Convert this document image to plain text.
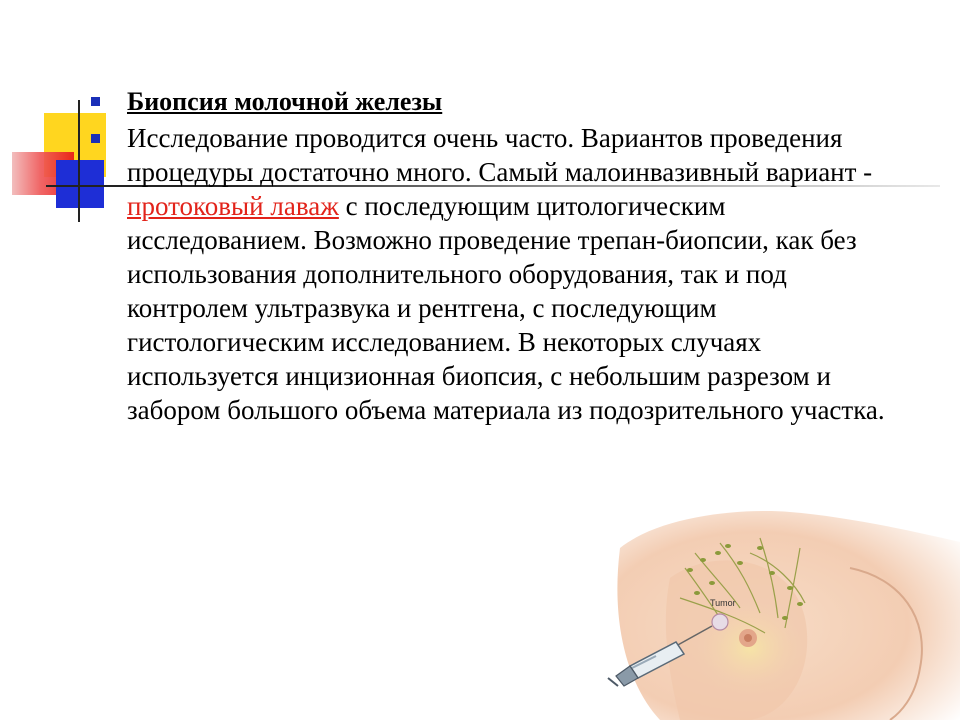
Биопсия молочной железы
Исследование проводится очень часто. Вариантов проведения процедуры достаточно много. Самый малоинвазивный вариант - протоковый лаваж с последующим цитологическим исследованием. Возможно проведение трепан-биопсии, как без использования дополнительного оборудования, так и под контролем ультразвука и рентгена, с последующим гистологическим исследованием. В некоторых случаях используется инцизионная биопсия, с небольшим разрезом и забором большого объема материала из подозрительного участка.
Tumor
